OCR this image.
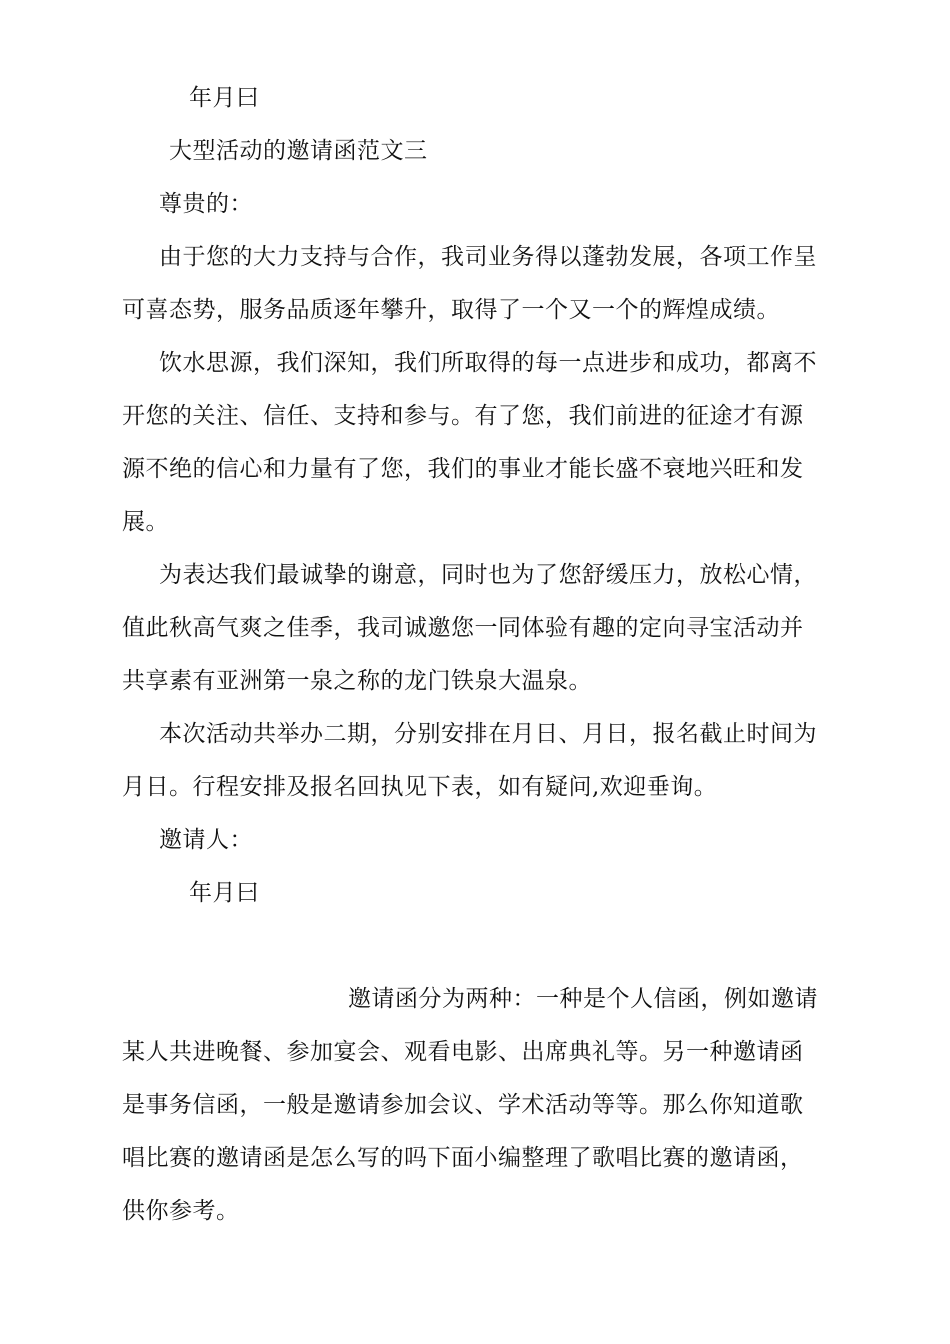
年月曰
大型活动的邀请函范文三
尊贵的：
由于您的大力支持与合作，我司业务得以蓬勃发展，各项工作呈
可喜态势，服务品质逐年攀升，取得了一个又一个的辉煌成绩。
饮水思源，我们深知，我们所取得的每一点进步和成功，都离不
开您的关注、信任、支持和参与。有了您，我们前进的征途才有源
源不绝的信心和力量有了您，我们的事业才能长盛不衰地兴旺和发
展。
为表达我们最诚挚的谢意，同时也为了您舒缓压力，放松心情，
值此秋高气爽之佳季，我司诚邀您一同体验有趣的定向寻宝活动并
共享素有亚洲第一泉之称的龙门铁泉大温泉。
本次活动共举办二期，分别安排在月日、月日，报名截止时间为
月日。行程安排及报名回执见下表，如有疑问,欢迎垂询。
邀请人：
年月曰
邀请函分为两种：一种是个人信函，例如邀请
某人共进晚餐、参加宴会、观看电影、出席典礼等。另一种邀请函
是事务信函，一般是邀请参加会议、学术活动等等。那么你知道歌
唱比赛的邀请函是怎么写的吗下面小编整理了歌唱比赛的邀请函，
供你参考。
